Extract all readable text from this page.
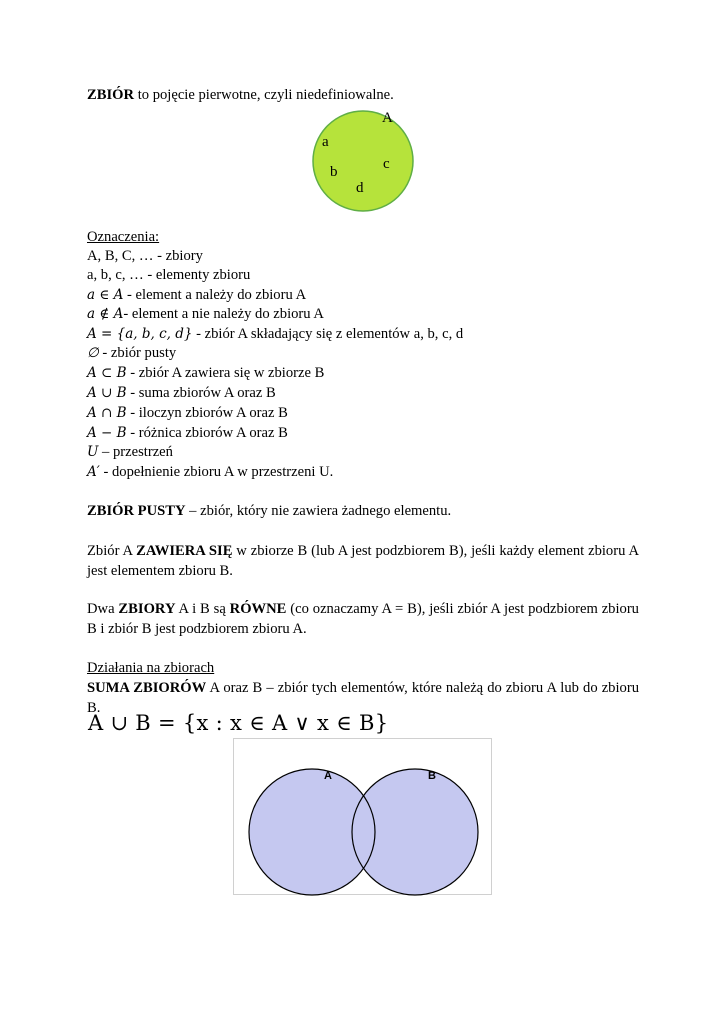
ZBIÓR to pojęcie pierwotne, czyli niedefiniowalne.
Oznaczenia:
A, B, C, … - zbiory
a, b, c, … - elementy zbioru
a ∈ A - element a należy do zbioru A
a ∉ A- element a nie należy do zbioru A
A = {a, b, c, d} - zbiór A składający się z elementów a, b, c, d
∅ - zbiór pusty
A ⊂ B - zbiór A zawiera się w zbiorze B
A ∪ B - suma zbiorów A oraz B
A ∩ B - iloczyn zbiorów A oraz B
A − B - różnica zbiorów A oraz B
U – przestrzeń
A′ - dopełnienie zbioru A w przestrzeni U.
ZBIÓR PUSTY – zbiór, który nie zawiera żadnego elementu.
Zbiór A ZAWIERA SIĘ w zbiorze B (lub A jest podzbiorem B), jeśli każdy element zbioru A jest elementem zbioru B.
Dwa ZBIORY A i B są RÓWNE (co oznaczamy A = B), jeśli zbiór A jest podzbiorem zbioru B i zbiór B jest podzbiorem zbioru A.
Działania na zbiorach
SUMA ZBIORÓW A oraz B – zbiór tych elementów, które należą do zbioru A lub do zbioru B.
A ∪ B = {x : x ∈ A ∨ x ∈ B}
A
a
b	c
d
A	B
